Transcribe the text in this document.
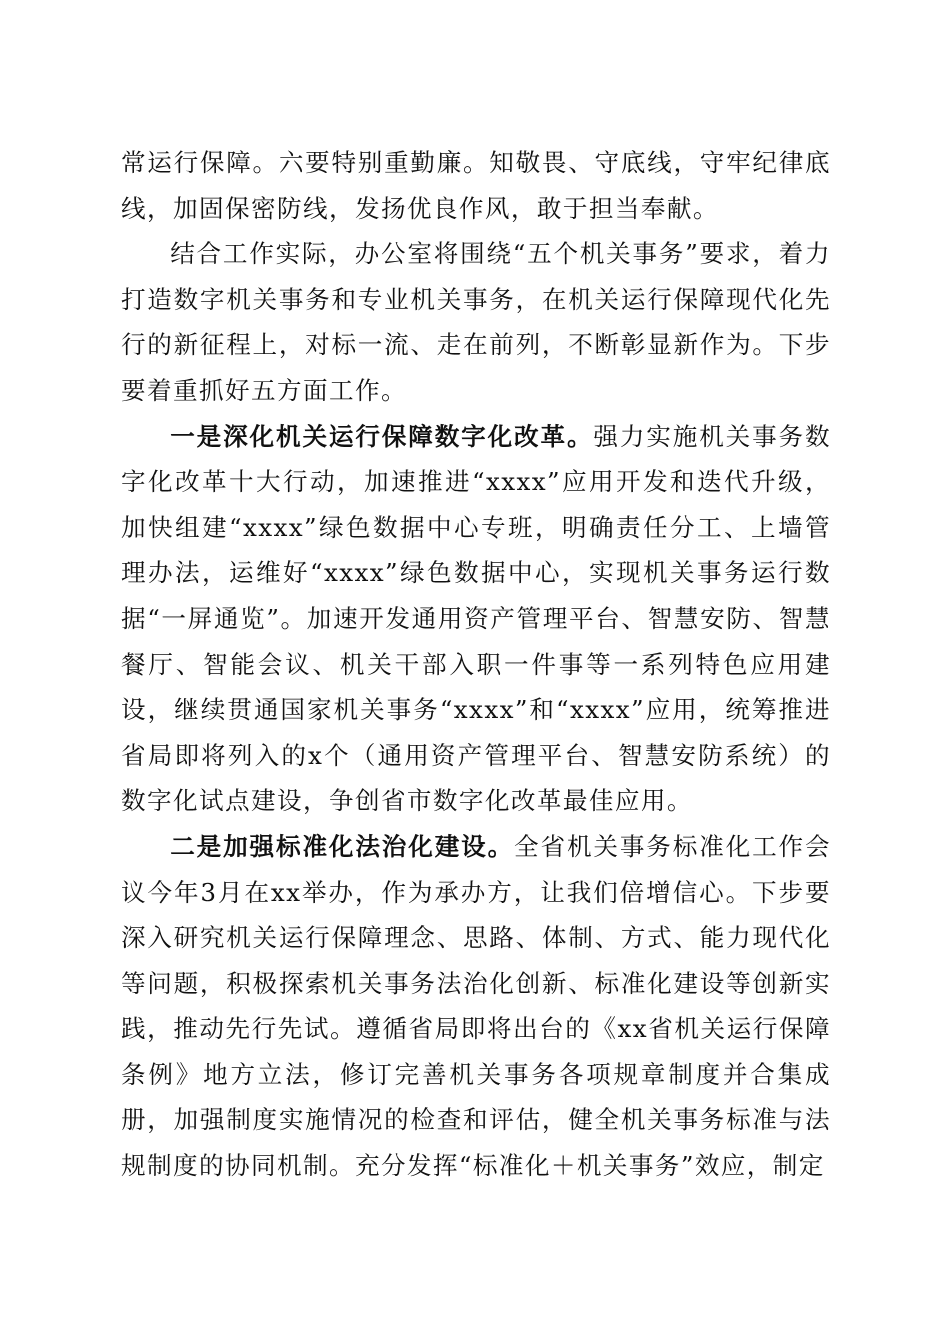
常运行保障。六要特别重勤廉。知敬畏、守底线，守牢纪律底线，加固保密防线，发扬优良作风，敢于担当奉献。

结合工作实际，办公室将围绕“五个机关事务”要求，着力打造数字机关事务和专业机关事务，在机关运行保障现代化先行的新征程上，对标一流、走在前列，不断彰显新作为。下步要着重抓好五方面工作。

一是深化机关运行保障数字化改革。强力实施机关事务数字化改革十大行动，加速推进“xxxx”应用开发和迭代升级，加快组建“xxxx”绿色数据中心专班，明确责任分工、上墙管理办法，运维好“xxxx”绿色数据中心，实现机关事务运行数据“一屏通览”。加速开发通用资产管理平台、智慧安防、智慧餐厅、智能会议、机关干部入职一件事等一系列特色应用建设，继续贯通国家机关事务“xxxx”和“xxxx”应用，统筹推进省局即将列入的x个（通用资产管理平台、智慧安防系统）的数字化试点建设，争创省市数字化改革最佳应用。

二是加强标准化法治化建设。全省机关事务标准化工作会议今年3月在xx举办，作为承办方，让我们倍增信心。下步要深入研究机关运行保障理念、思路、体制、方式、能力现代化等问题，积极探索机关事务法治化创新、标准化建设等创新实践，推动先行先试。遵循省局即将出台的《xx省机关运行保障条例》地方立法，修订完善机关事务各项规章制度并合集成册，加强制度实施情况的检查和评估，健全机关事务标准与法规制度的协同机制。充分发挥“标准化＋机关事务”效应，制定
